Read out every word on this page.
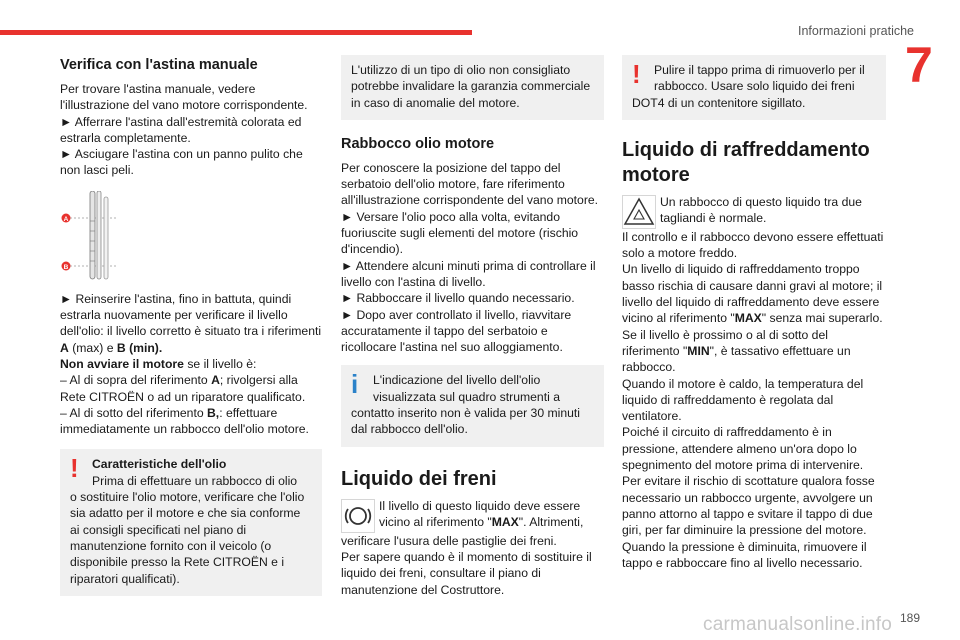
Informazioni pratiche
7
189
carmanualsonline.info
Verifica con l'astina manuale

Per trovare l'astina manuale, vedere l'illustrazione del vano motore corrispondente.

► Afferrare l'astina dall'estremità colorata ed estrarla completamente.

► Asciugare l'astina con un panno pulito che non lasci peli.

A
B

► Reinserire l'astina, fino in battuta, quindi estrarla nuovamente per verificare il livello dell'olio: il livello corretto è situato tra i riferimenti A (max) e B (min).

Non avviare il motore se il livello è:

– Al di sopra del riferimento A; rivolgersi alla Rete CITROËN o ad un riparatore qualificato.

– Al di sotto del riferimento B,: effettuare immediatamente un rabbocco dell'olio motore.

!	Caratteristiche dell'olio

Prima di effettuare un rabbocco di olio

o sostituire l'olio motore, verificare che l'olio sia adatto per il motore e che sia conforme ai consigli specificati nel piano di manutenzione fornito con il veicolo (o disponibile presso la Rete CITROËN e i riparatori qualificati).

L'utilizzo di un tipo di olio non consigliato potrebbe invalidare la garanzia commerciale in caso di anomalie del motore.

Rabbocco olio motore

Per conoscere la posizione del tappo del serbatoio dell'olio motore, fare riferimento all'illustrazione corrispondente del vano motore.

► Versare l'olio poco alla volta, evitando fuoriuscite sugli elementi del motore (rischio d'incendio).

► Attendere alcuni minuti prima di controllare il livello con l'astina di livello.

► Rabboccare il livello quando necessario.

► Dopo aver controllato il livello, riavvitare accuratamente il tappo del serbatoio e ricollocare l'astina nel suo alloggiamento.

i	L'indicazione del livello dell'olio

visualizzata sul quadro strumenti a

contatto inserito non è valida per 30 minuti dal rabbocco dell'olio.

Liquido dei freni

Il livello di questo liquido deve essere

vicino al riferimento "MAX". Altrimenti,

verificare l'usura delle pastiglie dei freni.

Per sapere quando è il momento di sostituire il liquido dei freni, consultare il piano di manutenzione del Costruttore.

!	Pulire il tappo prima di rimuoverlo per il

rabbocco. Usare solo liquido dei freni

DOT4 di un contenitore sigillato.

Liquido di raffreddamento motore

Un rabbocco di questo liquido tra due

tagliandi è normale.

Il controllo e il rabbocco devono essere effettuati solo a motore freddo.

Un livello di liquido di raffreddamento troppo basso rischia di causare danni gravi al motore; il livello del liquido di raffreddamento deve essere vicino al riferimento "MAX" senza mai superarlo.

Se il livello è prossimo o al di sotto del riferimento "MIN", è tassativo effettuare un rabbocco.

Quando il motore è caldo, la temperatura del liquido di raffreddamento è regolata dal ventilatore.

Poiché il circuito di raffreddamento è in pressione, attendere almeno un'ora dopo lo spegnimento del motore prima di intervenire.

Per evitare il rischio di scottature qualora fosse necessario un rabbocco urgente, avvolgere un panno attorno al tappo e svitare il tappo di due giri, per far diminuire la pressione del motore.

Quando la pressione è diminuita, rimuovere il tappo e rabboccare fino al livello necessario.
